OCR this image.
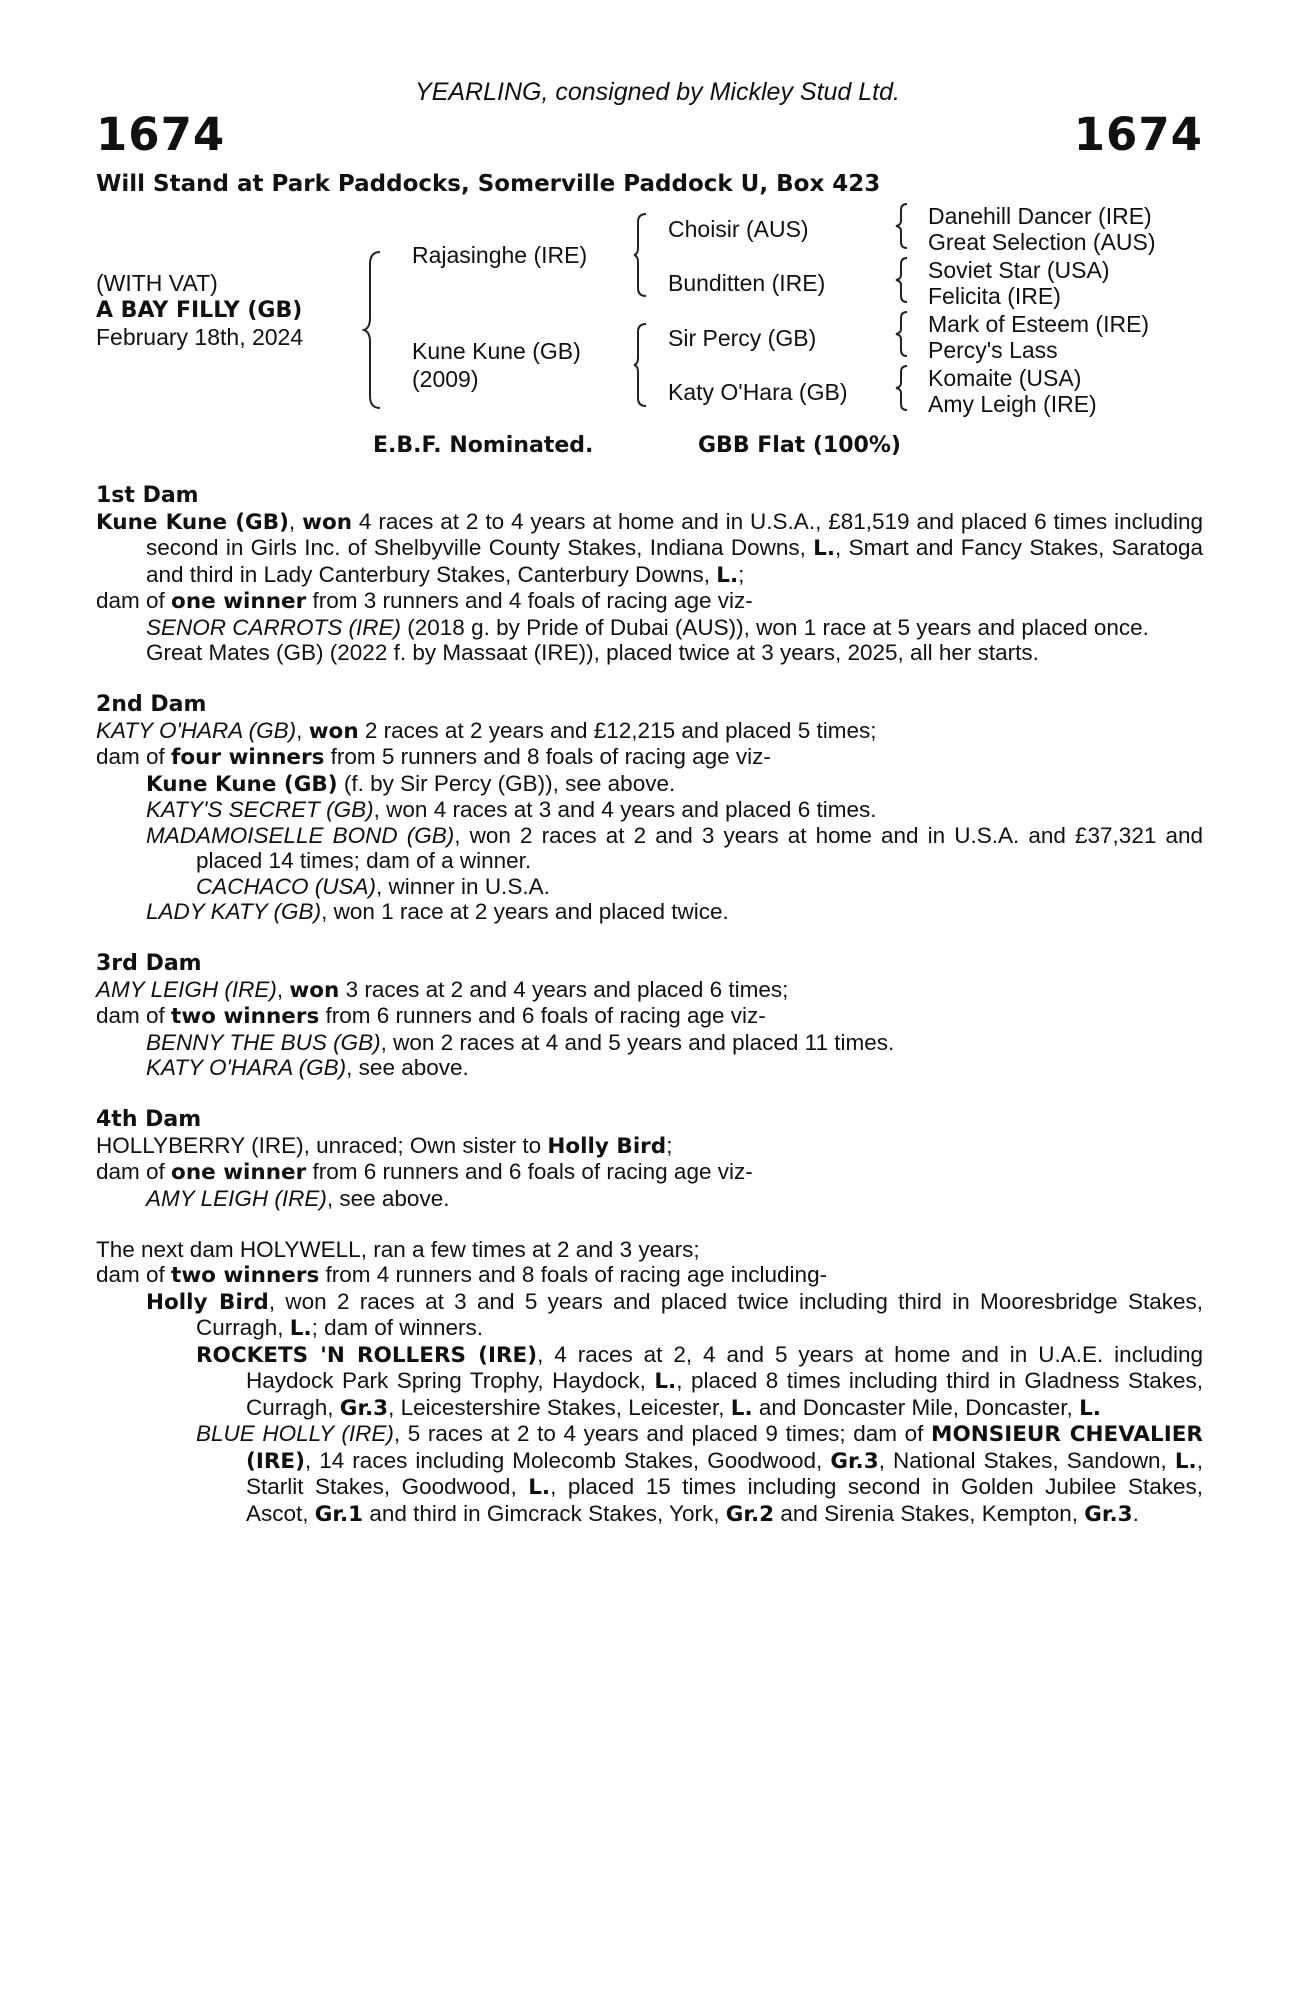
YEARLING, consigned by Mickley Stud Ltd.
1674	1674
Will Stand at Park Paddocks, Somerville Paddock U, Box 423
(WITH VAT)
A BAY FILLY (GB)
February 18th, 2024
Rajasinghe (IRE)
Kune Kune (GB)
(2009)
Choisir (AUS)
Bunditten (IRE)
Sir Percy (GB)
Katy O'Hara (GB)
Danehill Dancer (IRE)
Great Selection (AUS)
Soviet Star (USA)
Felicita (IRE)
Mark of Esteem (IRE)
Percy's Lass
Komaite (USA)
Amy Leigh (IRE)
E.B.F. Nominated.	GBB Flat (100%)

1st Dam

Kune Kune (GB), won 4 races at 2 to 4 years at home and in U.S.A., £81,519 and placed 6 times including second in Girls Inc. of Shelbyville County Stakes, Indiana Downs, L., Smart and Fancy Stakes, Saratoga and third in Lady Canterbury Stakes, Canterbury Downs, L.;

dam of one winner from 3 runners and 4 foals of racing age viz-

SENOR CARROTS (IRE) (2018 g. by Pride of Dubai (AUS)), won 1 race at 5 years and placed once.

Great Mates (GB) (2022 f. by Massaat (IRE)), placed twice at 3 years, 2025, all her starts.

2nd Dam

KATY O'HARA (GB), won 2 races at 2 years and £12,215 and placed 5 times;

dam of four winners from 5 runners and 8 foals of racing age viz-

Kune Kune (GB) (f. by Sir Percy (GB)), see above.

KATY'S SECRET (GB), won 4 races at 3 and 4 years and placed 6 times.

MADAMOISELLE BOND (GB), won 2 races at 2 and 3 years at home and in U.S.A. and £37,321 and placed 14 times; dam of a winner.

CACHACO (USA), winner in U.S.A.

LADY KATY (GB), won 1 race at 2 years and placed twice.

3rd Dam

AMY LEIGH (IRE), won 3 races at 2 and 4 years and placed 6 times;

dam of two winners from 6 runners and 6 foals of racing age viz-

BENNY THE BUS (GB), won 2 races at 4 and 5 years and placed 11 times.

KATY O'HARA (GB), see above.

4th Dam

HOLLYBERRY (IRE), unraced; Own sister to Holly Bird;

dam of one winner from 6 runners and 6 foals of racing age viz-

AMY LEIGH (IRE), see above.

The next dam HOLYWELL, ran a few times at 2 and 3 years;

dam of two winners from 4 runners and 8 foals of racing age including-

Holly Bird, won 2 races at 3 and 5 years and placed twice including third in Mooresbridge Stakes, Curragh, L.; dam of winners.

ROCKETS 'N ROLLERS (IRE), 4 races at 2, 4 and 5 years at home and in U.A.E. including Haydock Park Spring Trophy, Haydock, L., placed 8 times including third in Gladness Stakes, Curragh, Gr.3, Leicestershire Stakes, Leicester, L. and Doncaster Mile, Doncaster, L.

BLUE HOLLY (IRE), 5 races at 2 to 4 years and placed 9 times; dam of MONSIEUR CHEVALIER (IRE), 14 races including Molecomb Stakes, Goodwood, Gr.3, National Stakes, Sandown, L., Starlit Stakes, Goodwood, L., placed 15 times including second in Golden Jubilee Stakes, Ascot, Gr.1 and third in Gimcrack Stakes, York, Gr.2 and Sirenia Stakes, Kempton, Gr.3.
